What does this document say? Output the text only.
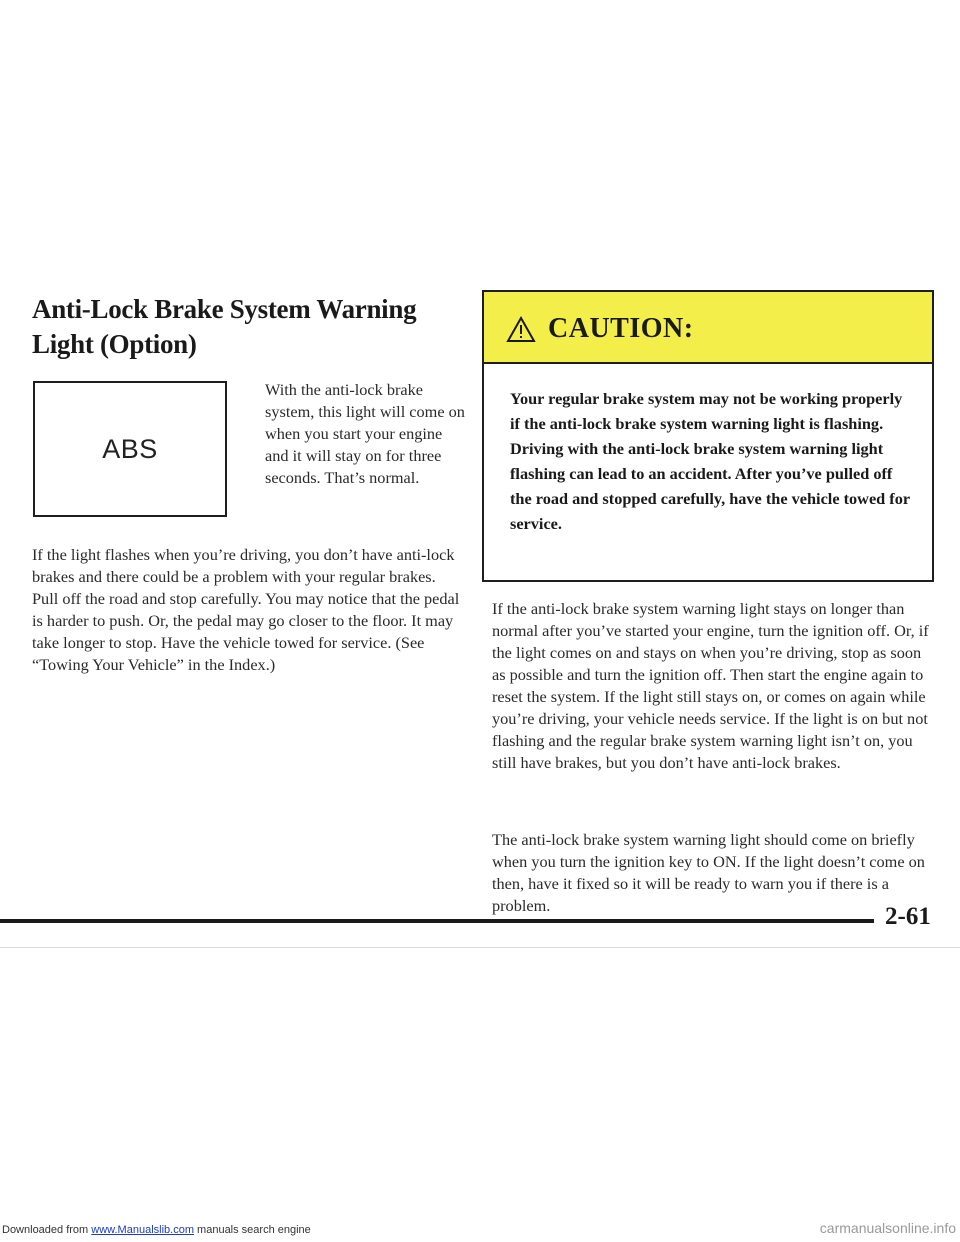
Anti-Lock Brake System Warning Light (Option)
ABS
With the anti-lock brake system, this light will come on when you start your engine and it will stay on for three seconds. That’s normal.
If the light flashes when you’re driving, you don’t have anti-lock brakes and there could be a problem with your regular brakes. Pull off the road and stop carefully. You may notice that the pedal is harder to push. Or, the pedal may go closer to the floor. It may take longer to stop. Have the vehicle towed for service. (See “Towing Your Vehicle” in the Index.)
CAUTION:
Your regular brake system may not be working properly if the anti-lock brake system warning light is flashing. Driving with the anti-lock brake system warning light flashing can lead to an accident. After you’ve pulled off the road and stopped carefully, have the vehicle towed for service.
If the anti-lock brake system warning light stays on longer than normal after you’ve started your engine, turn the ignition off. Or, if the light comes on and stays on when you’re driving, stop as soon as possible and turn the ignition off. Then start the engine again to reset the system. If the light still stays on, or comes on again while you’re driving, your vehicle needs service. If the light is on but not flashing and the regular brake system warning light isn’t on, you still have brakes, but you don’t have anti-lock brakes.
The anti-lock brake system warning light should come on briefly when you turn the ignition key to ON. If the light doesn’t come on then, have it fixed so it will be ready to warn you if there is a problem.	2-61
Downloaded from www.Manualslib.com manuals search engine	carmanualsonline.info
